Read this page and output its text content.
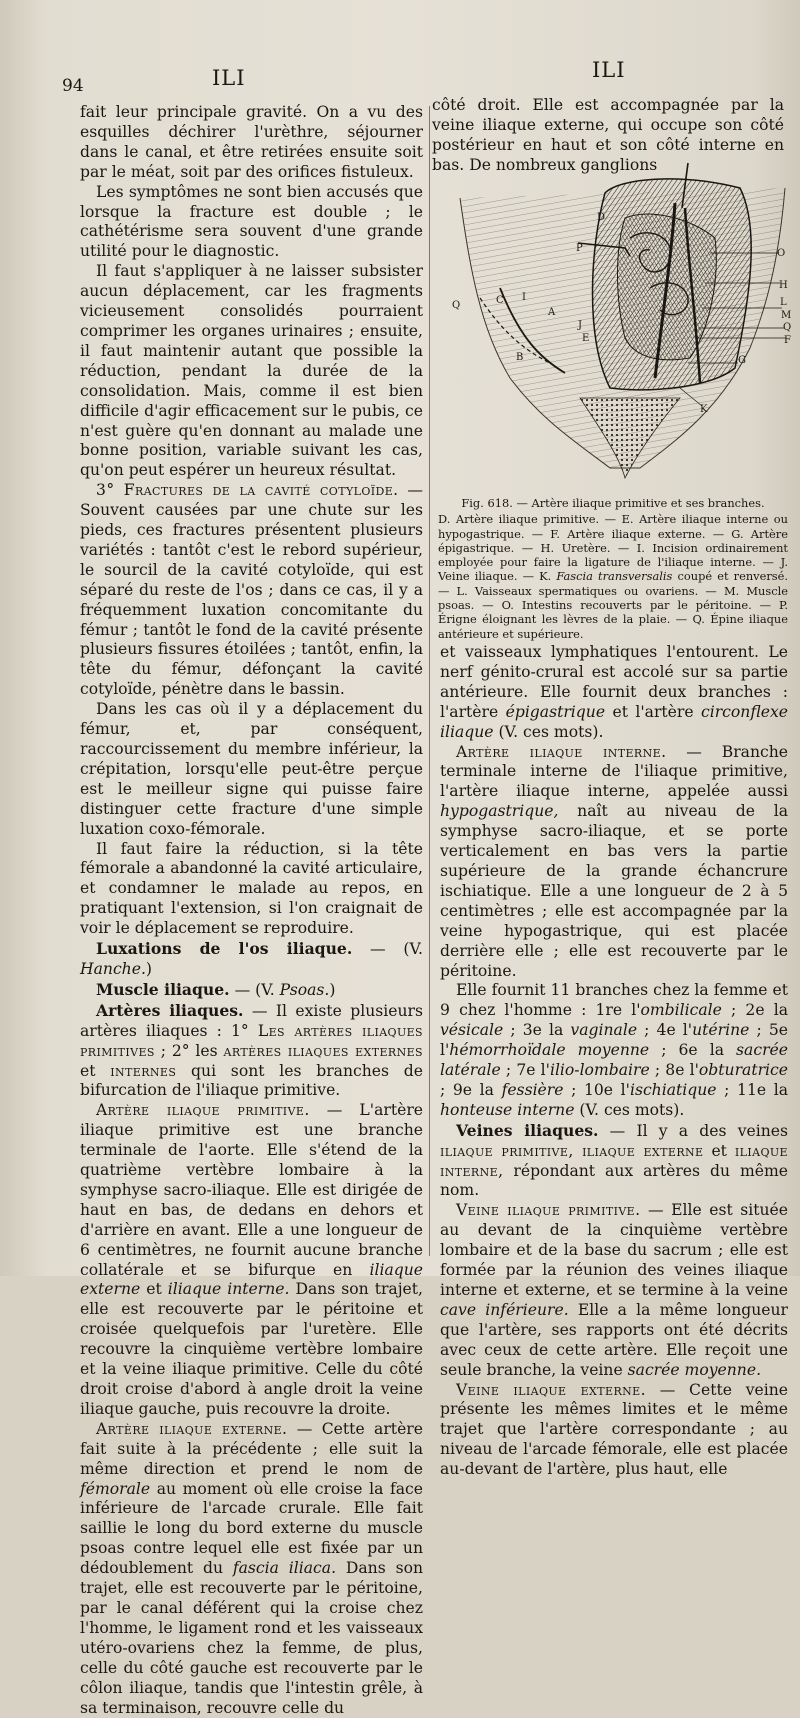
94	ILI	ILI

fait leur principale gravité. On a vu des esquilles déchirer l'urèthre, séjourner dans le canal, et être retirées ensuite soit par le méat, soit par des orifices fistuleux.

Les symptômes ne sont bien accusés que lorsque la fracture est double ; le cathétérisme sera souvent d'une grande utilité pour le diagnostic.

Il faut s'appliquer à ne laisser subsister aucun déplacement, car les fragments vicieusement consolidés pourraient comprimer les organes urinaires ; ensuite, il faut maintenir autant que possible la réduction, pendant la durée de la consolidation. Mais, comme il est bien difficile d'agir efficacement sur le pubis, ce n'est guère qu'en donnant au malade une bonne position, variable suivant les cas, qu'on peut espérer un heureux résultat.

3° Fractures de la cavité cotyloïde. — Souvent causées par une chute sur les pieds, ces fractures présentent plusieurs variétés : tantôt c'est le rebord supérieur, le sourcil de la cavité cotyloïde, qui est séparé du reste de l'os ; dans ce cas, il y a fréquemment luxation concomitante du fémur ; tantôt le fond de la cavité présente plusieurs fissures étoilées ; tantôt, enfin, la tête du fémur, défonçant la cavité cotyloïde, pénètre dans le bassin.

Dans les cas où il y a déplacement du fémur, et, par conséquent, raccourcissement du membre inférieur, la crépitation, lorsqu'elle peut-être perçue est le meilleur signe qui puisse faire distinguer cette fracture d'une simple luxation coxo-fémorale.

Il faut faire la réduction, si la tête fémorale a abandonné la cavité articulaire, et condamner le malade au repos, en pratiquant l'extension, si l'on craignait de voir le déplacement se reproduire.

Luxations de l'os iliaque. — (V. Hanche.)

Muscle iliaque. — (V. Psoas.)

Artères iliaques. — Il existe plusieurs artères iliaques : 1° Les artères iliaques primitives ; 2° les artères iliaques externes et internes qui sont les branches de bifurcation de l'iliaque primitive.

Artère iliaque primitive. — L'artère iliaque primitive est une branche terminale de l'aorte. Elle s'étend de la quatrième vertèbre lombaire à la symphyse sacro-iliaque. Elle est dirigée de haut en bas, de dedans en dehors et d'arrière en avant. Elle a une longueur de 6 centimètres, ne fournit aucune branche collatérale et se bifurque en iliaque externe et iliaque interne. Dans son trajet, elle est recouverte par le péritoine et croisée quelquefois par l'uretère. Elle recouvre la cinquième vertèbre lombaire et la veine iliaque primitive. Celle du côté droit croise d'abord à angle droit la veine iliaque gauche, puis recouvre la droite.

Artère iliaque externe. — Cette artère fait suite à la précédente ; elle suit la même direction et prend le nom de fémorale au moment où elle croise la face inférieure de l'arcade crurale. Elle fait saillie le long du bord externe du muscle psoas contre lequel elle est fixée par un dédoublement du fascia iliaca. Dans son trajet, elle est recouverte par le péritoine, par le canal déférent qui la croise chez l'homme, le ligament rond et les vaisseaux utéro-ovariens chez la femme, de plus, celle du côté gauche est recouverte par le côlon iliaque, tandis que l'intestin grêle, à sa terminaison, recouvre celle du

côté droit. Elle est accompagnée par la veine iliaque externe, qui occupe son côté postérieur en haut et son côté interne en bas. De nombreux ganglions

D
P
Q	C I
A
J
E
B
O
H
L
M
Q
F
G
K
Fig. 618. — Artère iliaque primitive et ses branches.
D. Artère iliaque primitive. — E. Artère iliaque interne ou hypogastrique. — F. Artère iliaque externe. — G. Artère épigastrique. — H. Uretère. — I. Incision ordinairement employée pour faire la ligature de l'iliaque interne. — J. Veine iliaque. — K. Fascia transversalis coupé et renversé. — L. Vaisseaux spermatiques ou ovariens. — M. Muscle psoas. — O. Intestins recouverts par le péritoine. — P. Érigne éloignant les lèvres de la plaie. — Q. Épine iliaque antérieure et supérieure.

et vaisseaux lymphatiques l'entourent. Le nerf génito-crural est accolé sur sa partie antérieure. Elle fournit deux branches : l'artère épigastrique et l'artère circonflexe iliaque (V. ces mots).

Artère iliaque interne. — Branche terminale interne de l'iliaque primitive, l'artère iliaque interne, appelée aussi hypogastrique, naît au niveau de la symphyse sacro-iliaque, et se porte verticalement en bas vers la partie supérieure de la grande échancrure ischiatique. Elle a une longueur de 2 à 5 centimètres ; elle est accompagnée par la veine hypogastrique, qui est placée derrière elle ; elle est recouverte par le péritoine.

Elle fournit 11 branches chez la femme et 9 chez l'homme : 1re l'ombilicale ; 2e la vésicale ; 3e la vaginale ; 4e l'utérine ; 5e l'hémorrhoïdale moyenne ; 6e la sacrée latérale ; 7e l'ilio-lombaire ; 8e l'obturatrice ; 9e la fessière ; 10e l'ischiatique ; 11e la honteuse interne (V. ces mots).

Veines iliaques. — Il y a des veines iliaque primitive, iliaque externe et iliaque interne, répondant aux artères du même nom.

Veine iliaque primitive. — Elle est située au devant de la cinquième vertèbre lombaire et de la base du sacrum ; elle est formée par la réunion des veines iliaque interne et externe, et se termine à la veine cave inférieure. Elle a la même longueur que l'artère, ses rapports ont été décrits avec ceux de cette artère. Elle reçoit une seule branche, la veine sacrée moyenne.

Veine iliaque externe. — Cette veine présente les mêmes limites et le même trajet que l'artère correspondante ; au niveau de l'arcade fémorale, elle est placée au-devant de l'artère, plus haut, elle
